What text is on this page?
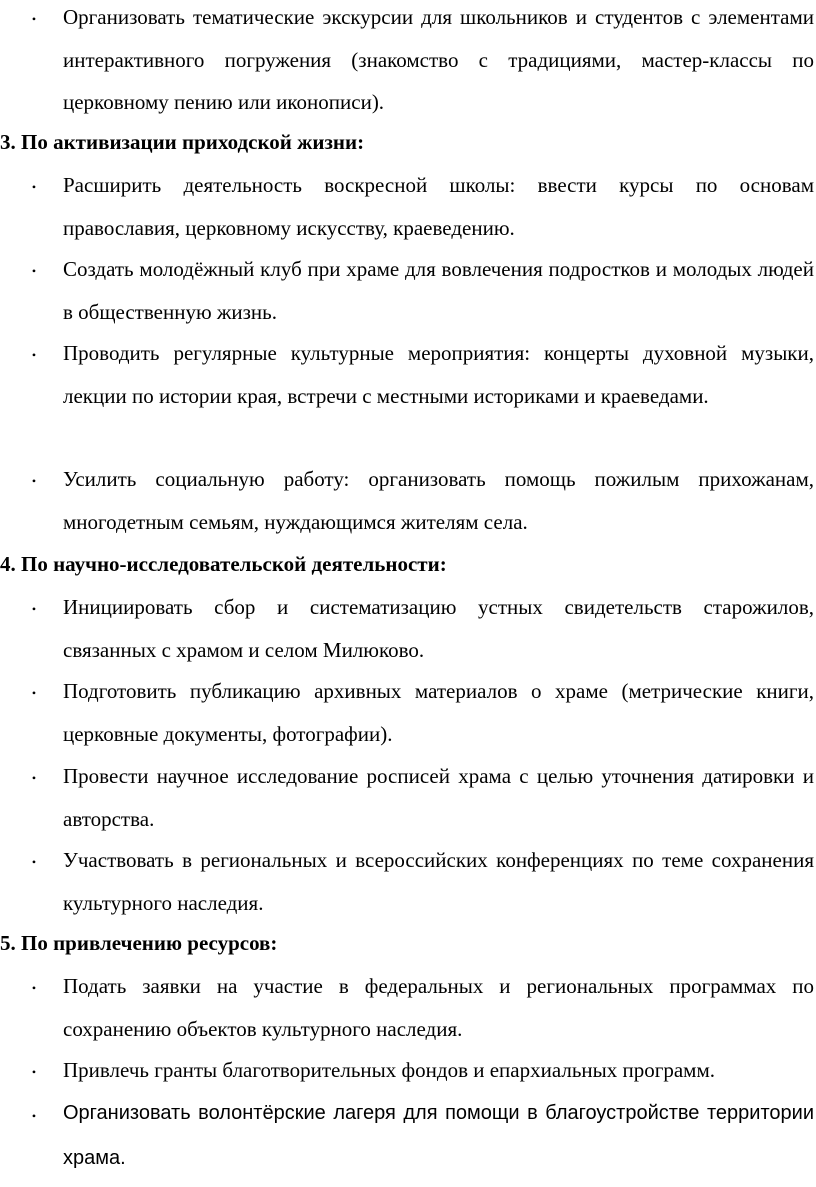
• Организовать тематические экскурсии для школьников и студентов с элементами интерактивного погружения (знакомство с традициями, мастер-классы по церковному пению или иконописи).
3. По активизации приходской жизни:
• Расширить деятельность воскресной школы: ввести курсы по основам православия, церковному искусству, краеведению.
• Создать молодёжный клуб при храме для вовлечения подростков и молодых людей в общественную жизнь.
• Проводить регулярные культурные мероприятия: концерты духовной музыки, лекции по истории края, встречи с местными историками и краеведами.
• Усилить социальную работу: организовать помощь пожилым прихожанам, многодетным семьям, нуждающимся жителям села.
4. По научно-исследовательской деятельности:
• Инициировать сбор и систематизацию устных свидетельств старожилов, связанных с храмом и селом Милюково.
• Подготовить публикацию архивных материалов о храме (метрические книги, церковные документы, фотографии).
• Провести научное исследование росписей храма с целью уточнения датировки и авторства.
• Участвовать в региональных и всероссийских конференциях по теме сохранения культурного наследия.
5. По привлечению ресурсов:
• Подать заявки на участие в федеральных и региональных программах по сохранению объектов культурного наследия.
• Привлечь гранты благотворительных фондов и епархиальных программ.
• Организовать волонтёрские лагеря для помощи в благоустройстве территории храма.
